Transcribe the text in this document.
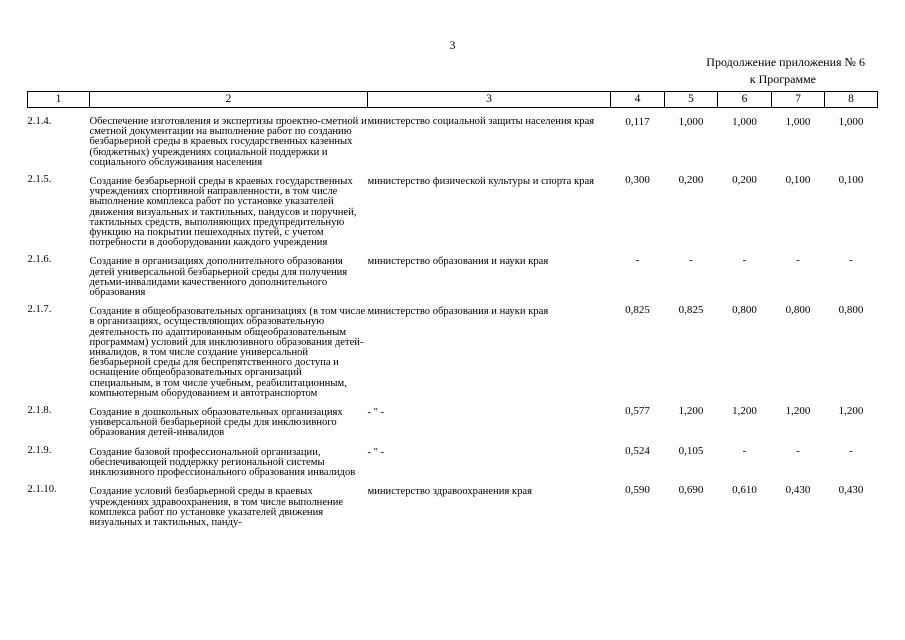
3
Продолжение приложения № 6
к Программе
1	2	3	4	5	6	7	8
2.1.4.	Обеспечение изготовления и экспертизы проектно-сметной и сметной документации на выполнение работ по созданию безбарьерной среды в краевых государственных казенных (бюджетных) учреждениях социальной поддержки и социального обслуживания населения	министерство социальной защиты населения края	0,117	1,000	1,000	1,000	1,000
2.1.5.	Создание безбарьерной среды в краевых государственных учреждениях спортивной направленности, в том числе выполнение комплекса работ по установке указателей движения визуальных и тактильных, пандусов и поручней, тактильных средств, выполняющих предупредительную функцию на покрытии пешеходных путей, с учетом потребности в дооборудовании каждого учреждения	министерство физической культуры и спорта края	0,300	0,200	0,200	0,100	0,100
2.1.6.	Создание в организациях дополнительного образования детей универсальной безбарьерной среды для получения детьми-инвалидами качественного дополнительного образования	министерство образования и науки края	-	-	-	-	-
2.1.7.	Создание в общеобразовательных организациях (в том числе в организациях, осуществляющих образовательную деятельность по адаптированным общеобразовательным программам) условий для инклюзивного образования детей-инвалидов, в том числе создание универсальной безбарьерной среды для беспрепятственного доступа и оснащение общеобразовательных организаций специальным, в том числе учебным, реабилитационным, компьютерным оборудованием и автотранспортом	министерство образования и науки края	0,825	0,825	0,800	0,800	0,800
2.1.8.	Создание в дошкольных образовательных организациях универсальной безбарьерной среды для инклюзивного образования детей-инвалидов	- " -	0,577	1,200	1,200	1,200	1,200
2.1.9.	Создание базовой профессиональной организации, обеспечивающей поддержку региональной системы инклюзивного профессионального образования инвалидов	- " -	0,524	0,105	-	-	-
2.1.10.	Создание условий безбарьерной среды в краевых учреждениях здравоохранения, в том числе выполнение комплекса работ по установке указателей движения визуальных и тактильных, панду-	министерство здравоохранения края	0,590	0,690	0,610	0,430	0,430
